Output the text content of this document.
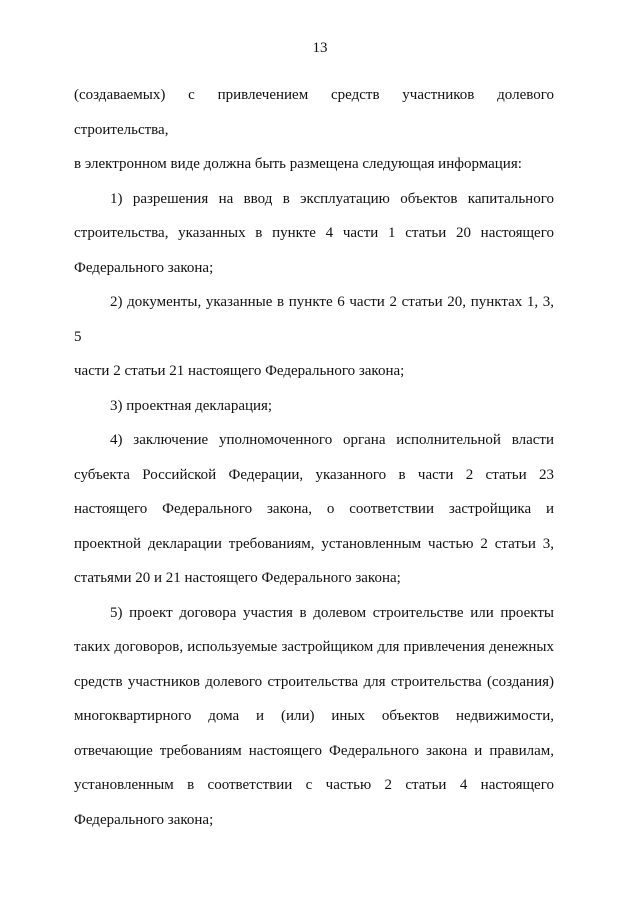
13

(создаваемых) с привлечением средств участников долевого строительства,
в электронном виде должна быть размещена следующая информация:

1) разрешения на ввод в эксплуатацию объектов капитального
строительства, указанных в пункте 4 части 1 статьи 20 настоящего
Федерального закона;

2) документы, указанные в пункте 6 части 2 статьи 20, пунктах 1, 3, 5
части 2 статьи 21 настоящего Федерального закона;

3) проектная декларация;

4) заключение уполномоченного органа исполнительной власти
субъекта Российской Федерации, указанного в части 2 статьи 23
настоящего Федерального закона, о соответствии застройщика и
проектной декларации требованиям, установленным частью 2 статьи 3,
статьями 20 и 21 настоящего Федерального закона;

5) проект договора участия в долевом строительстве или проекты
таких договоров, используемые застройщиком для привлечения денежных
средств участников долевого строительства для строительства (создания)
многоквартирного дома и (или) иных объектов недвижимости,
отвечающие требованиям настоящего Федерального закона и правилам,
установленным в соответствии с частью 2 статьи 4 настоящего
Федерального закона;
